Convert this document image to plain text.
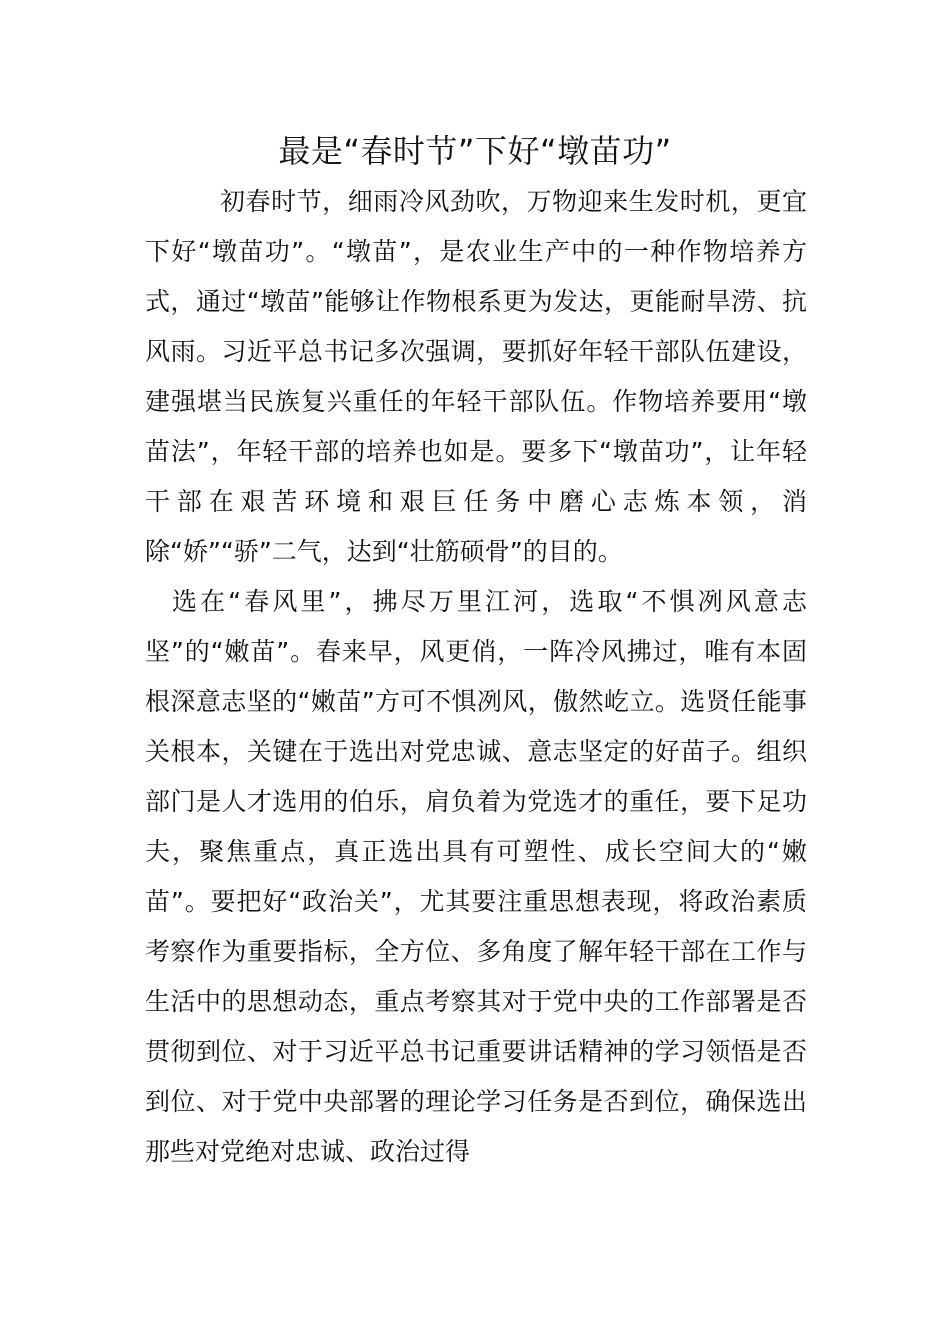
最是“春时节”下好“墩苗功”

初春时节，细雨冷风劲吹，万物迎来生发时机，更宜下好“墩苗功”。“墩苗”，是农业生产中的一种作物培养方式，通过“墩苗”能够让作物根系更为发达，更能耐旱涝、抗风雨。习近平总书记多次强调，要抓好年轻干部队伍建设，建强堪当民族复兴重任的年轻干部队伍。作物培养要用“墩苗法”，年轻干部的培养也如是。要多下“墩苗功”，让年轻干部在艰苦环境和艰巨任务中磨心志炼本领，消除“娇”“骄”二气，达到“壮筋硕骨”的目的。

选在“春风里”，拂尽万里江河，选取“不惧冽风意志坚”的“嫩苗”。春来早，风更俏，一阵冷风拂过，唯有本固根深意志坚的“嫩苗”方可不惧冽风，傲然屹立。选贤任能事关根本，关键在于选出对党忠诚、意志坚定的好苗子。组织部门是人才选用的伯乐，肩负着为党选才的重任，要下足功夫，聚焦重点，真正选出具有可塑性、成长空间大的“嫩苗”。要把好“政治关”，尤其要注重思想表现，将政治素质考察作为重要指标，全方位、多角度了解年轻干部在工作与生活中的思想动态，重点考察其对于党中央的工作部署是否贯彻到位、对于习近平总书记重要讲话精神的学习领悟是否到位、对于党中央部署的理论学习任务是否到位，确保选出那些对党绝对忠诚、政治过得
